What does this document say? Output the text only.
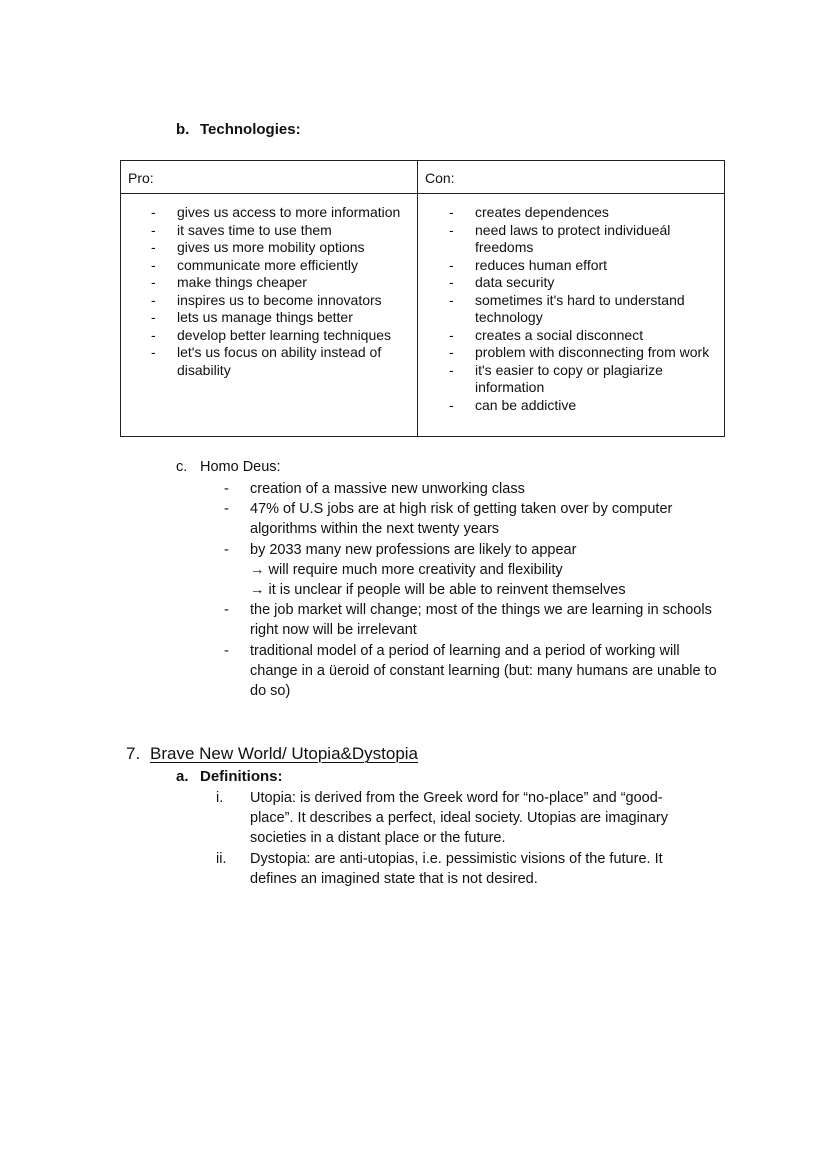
b. Technologies:
Pro:	Con:
- gives us access to more information
- it saves time to use them
- gives us more mobility options
- communicate more efficiently
- make things cheaper
- inspires us to become innovators
- lets us manage things better
- develop better learning techniques
- let's us focus on ability instead of disability
- creates dependences
- need laws to protect individueál freedoms
- reduces human effort
- data security
- sometimes it's hard to understand technology
- creates a social disconnect
- problem with disconnecting from work
- it's easier to copy or plagiarize information
- can be addictive
c. Homo Deus:
- creation of a massive new unworking class
- 47% of U.S jobs are at high risk of getting taken over by computer algorithms within the next twenty years
- by 2033 many new professions are likely to appear
→ will require much more creativity and flexibility
→ it is unclear if people will be able to reinvent themselves
- the job market will change; most of the things we are learning in schools right now will be irrelevant
- traditional model of a period of learning and a period of working will change in a üeroid of constant learning (but: many humans are unable to do so)
7. Brave New World/ Utopia&Dystopia
a. Definitions:
i. Utopia: is derived from the Greek word for “no-place” and “good-place”. It describes a perfect, ideal society. Utopias are imaginary societies in a distant place or the future.
ii. Dystopia: are anti-utopias, i.e. pessimistic visions of the future. It defines an imagined state that is not desired.
